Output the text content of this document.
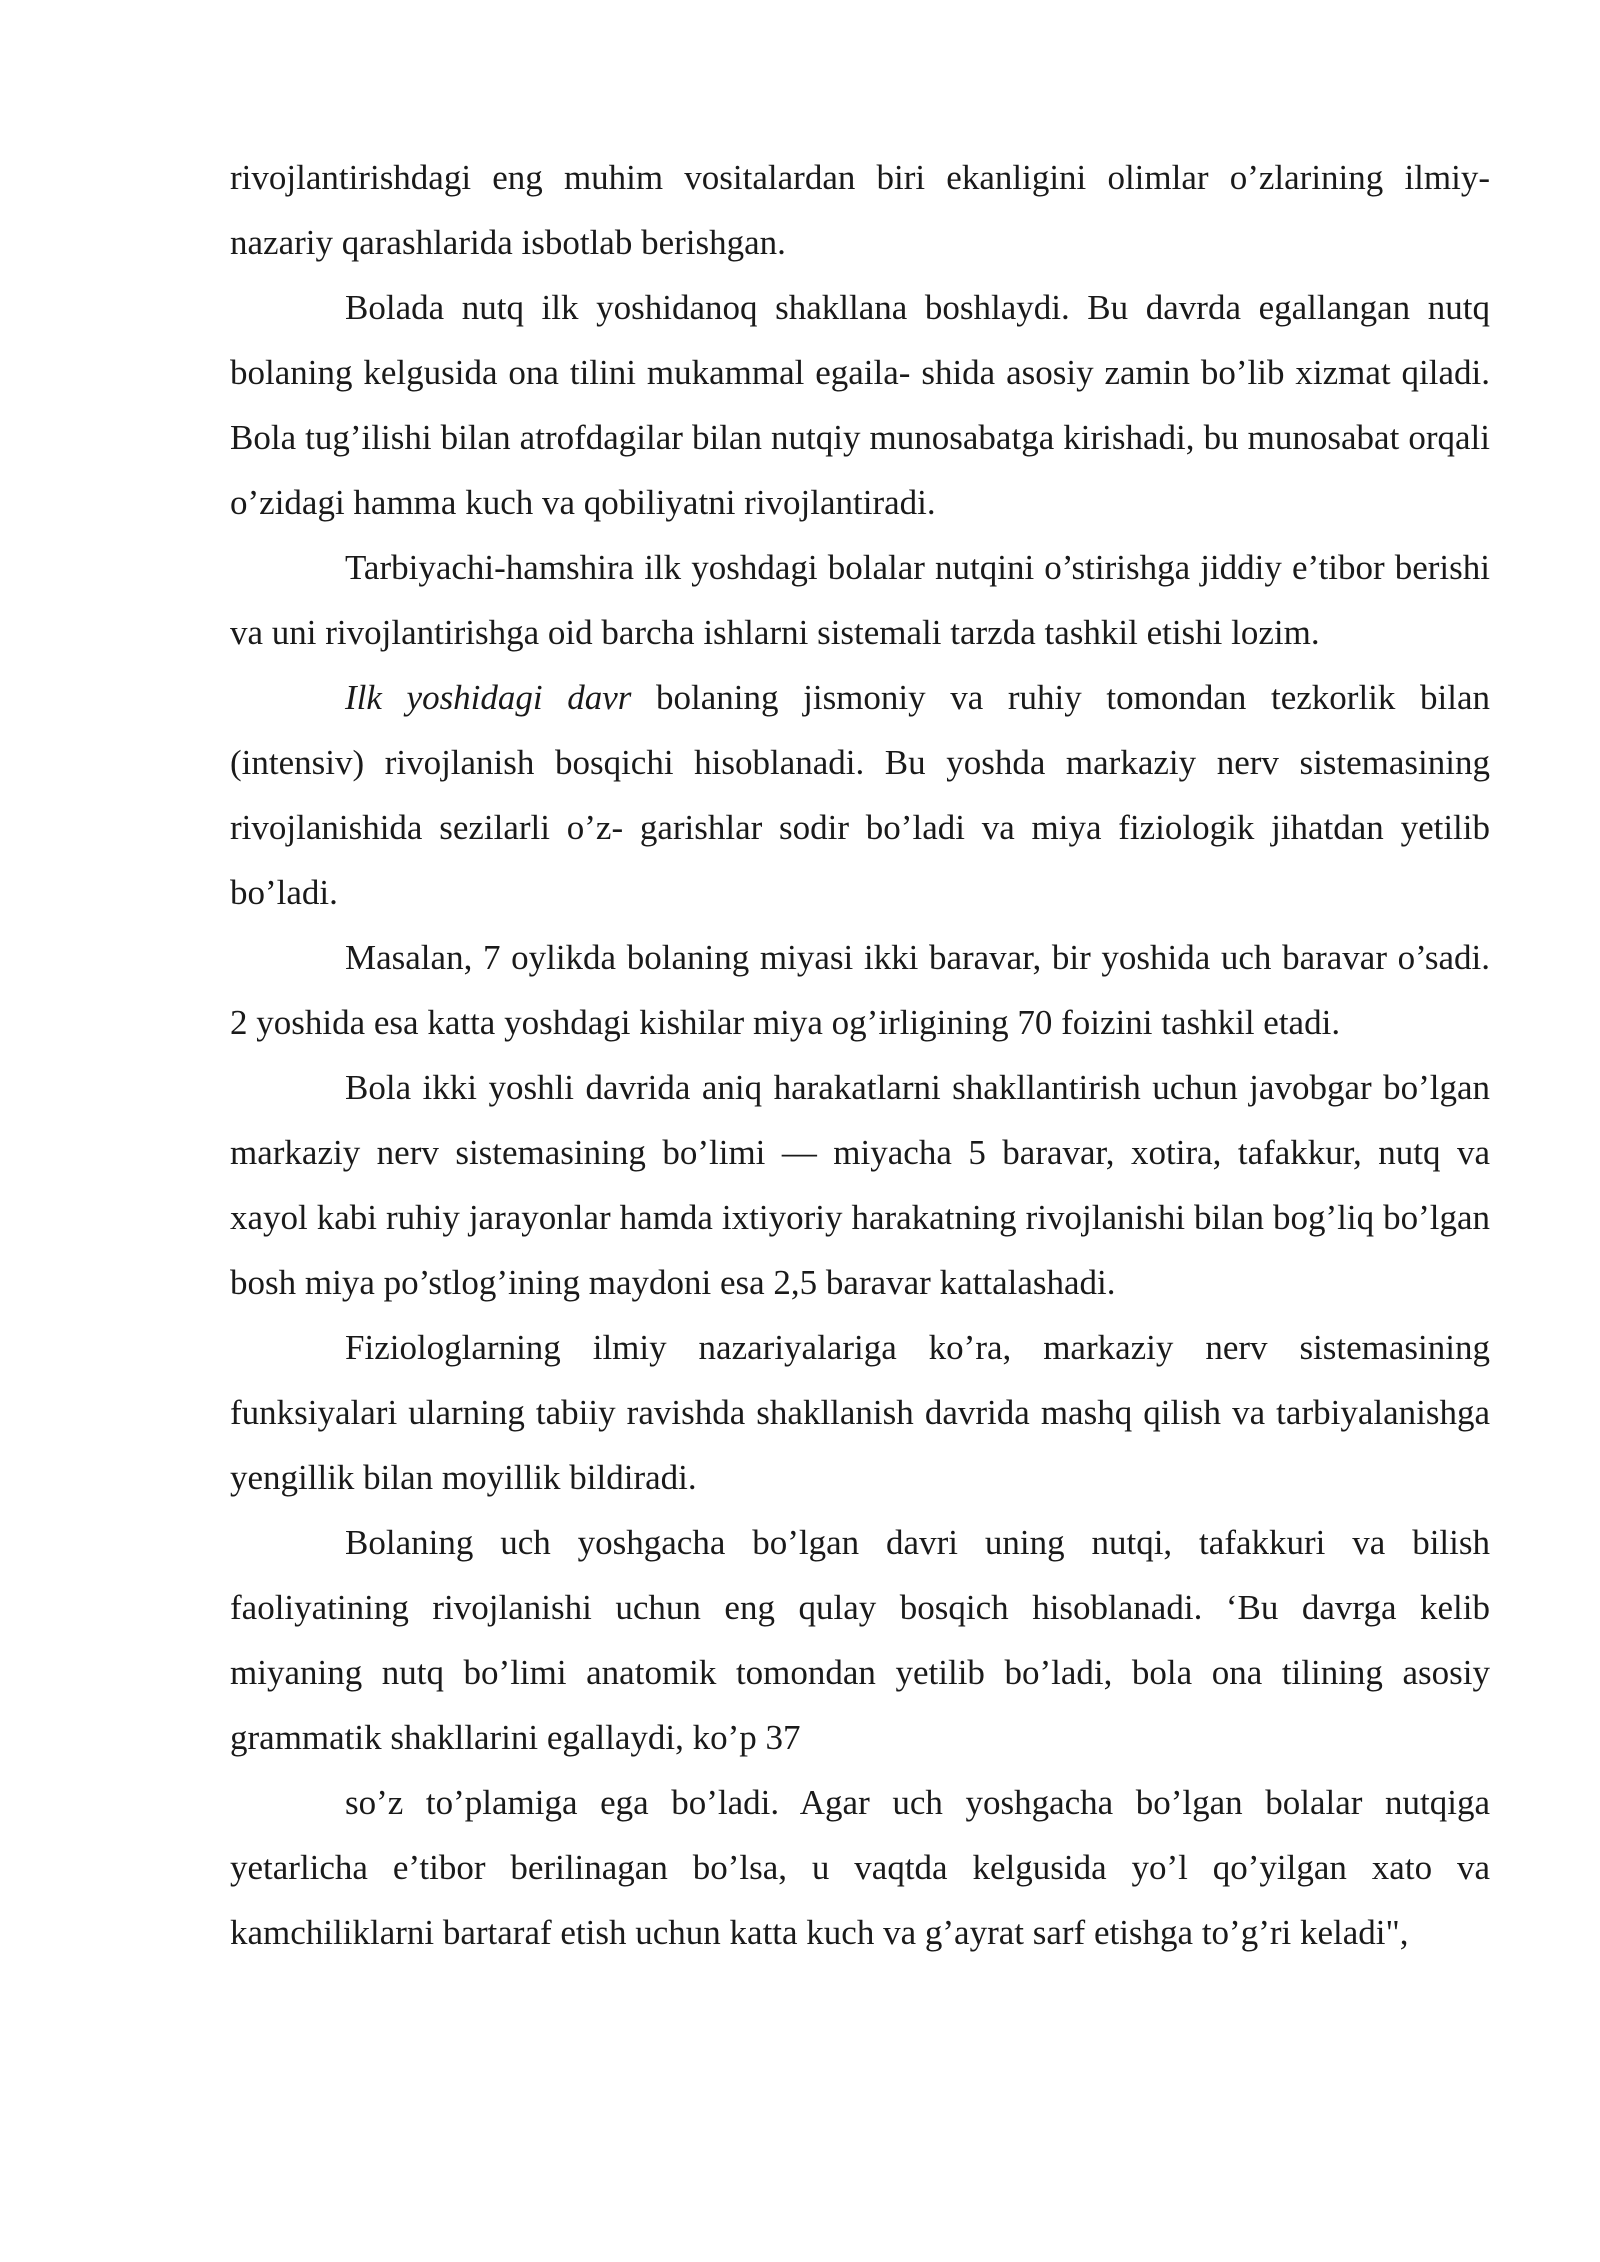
rivojlantirishdagi eng muhim vositalardan biri ekanligini olimlar o’zlarining ilmiy-nazariy qarashlarida isbotlab berishgan.

Bolada nutq ilk yoshidanoq shakllana boshlaydi. Bu davrda egallangan nutq bolaning kelgusida ona tilini mukammal egaila- shida asosiy zamin bo’lib xizmat qiladi. Bola tug’ilishi bilan atrofdagilar bilan nutqiy munosabatga kirishadi, bu munosabat orqali o’zidagi hamma kuch va qobiliyatni rivojlantiradi.

Tarbiyachi-hamshira ilk yoshdagi bolalar nutqini o’stirishga jiddiy e’tibor berishi va uni rivojlantirishga oid barcha ishlarni sistemali tarzda tashkil etishi lozim.

Ilk yoshidagi davr bolaning jismoniy va ruhiy tomondan tezkorlik bilan (intensiv) rivojlanish bosqichi hisoblanadi. Bu yoshda markaziy nerv sistemasining rivojlanishida sezilarli o’z- garishlar sodir bo’ladi va miya fiziologik jihatdan yetilib bo’ladi.

Masalan, 7 oylikda bolaning miyasi ikki baravar, bir yoshida uch baravar o’sadi. 2 yoshida esa katta yoshdagi kishilar miya og’irligining 70 foizini tashkil etadi.

Bola ikki yoshli davrida aniq harakatlarni shakllantirish uchun javobgar bo’lgan markaziy nerv sistemasining bo’limi — miyacha 5 baravar, xotira, tafakkur, nutq va xayol kabi ruhiy jarayonlar hamda ixtiyoriy harakatning rivojlanishi bilan bog’liq bo’lgan bosh miya po’stlog’ining maydoni esa 2,5 baravar kattalashadi.

Fiziologlarning ilmiy nazariyalariga ko’ra, markaziy nerv sistemasining funksiyalari ularning tabiiy ravishda shakllanish davrida mashq qilish va tarbiyalanishga yengillik bilan moyillik bildiradi.

Bolaning uch yoshgacha bo’lgan davri uning nutqi, tafakkuri va bilish faoliyatining rivojlanishi uchun eng qulay bosqich hisoblanadi. ‘Bu davrga kelib miyaning nutq bo’limi anatomik tomondan yetilib bo’ladi, bola ona tilining asosiy grammatik shakllarini egallaydi, ko’p 37

so’z to’plamiga ega bo’ladi. Agar uch yoshgacha bo’lgan bolalar nutqiga yetarlicha e’tibor berilinagan bo’lsa, u vaqtda kelgusida yo’l qo’yilgan xato va kamchiliklarni bartaraf etish uchun katta kuch va g’ayrat sarf etishga to’g’ri keladi",
